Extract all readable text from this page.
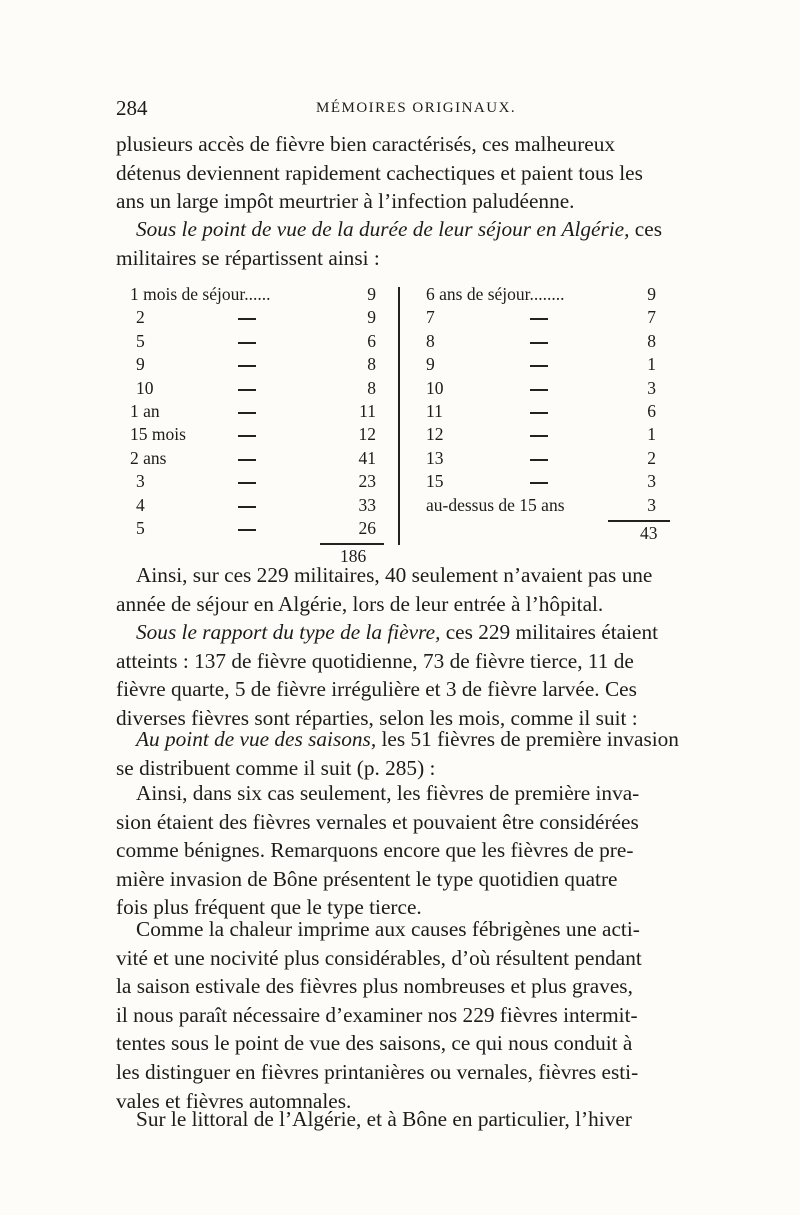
284	MÉMOIRES ORIGINAUX.
plusieurs accès de fièvre bien caractérisés, ces malheureux
détenus deviennent rapidement cachectiques et paient tous les
ans un large impôt meurtrier à l’infection paludéenne.
Sous le point de vue de la durée de leur séjour en Algérie, ces
militaires se répartissent ainsi :
1 mois de séjour......	9
2	9
5	6
9	8
10	8
1 an	11
15 mois	12
2 ans	41
3	23
4	33
5	26
6 ans de séjour........	9
7	7
8	8
9	1
10	3
11	6
12	1
13	2
15	3
au-dessus de 15 ans	3
186
43
Ainsi, sur ces 229 militaires, 40 seulement n’avaient pas une
année de séjour en Algérie, lors de leur entrée à l’hôpital.
Sous le rapport du type de la fièvre, ces 229 militaires étaient
atteints : 137 de fièvre quotidienne, 73 de fièvre tierce, 11 de
fièvre quarte, 5 de fièvre irrégulière et 3 de fièvre larvée. Ces
diverses fièvres sont réparties, selon les mois, comme il suit :
Au point de vue des saisons, les 51 fièvres de première invasion
se distribuent comme il suit (p. 285) :
Ainsi, dans six cas seulement, les fièvres de première inva-
sion étaient des fièvres vernales et pouvaient être considérées
comme bénignes. Remarquons encore que les fièvres de pre-
mière invasion de Bône présentent le type quotidien quatre
fois plus fréquent que le type tierce.
Comme la chaleur imprime aux causes fébrigènes une acti-
vité et une nocivité plus considérables, d’où résultent pendant
la saison estivale des fièvres plus nombreuses et plus graves,
il nous paraît nécessaire d’examiner nos 229 fièvres intermit-
tentes sous le point de vue des saisons, ce qui nous conduit à
les distinguer en fièvres printanières ou vernales, fièvres esti-
vales et fièvres automnales.
Sur le littoral de l’Algérie, et à Bône en particulier, l’hiver
